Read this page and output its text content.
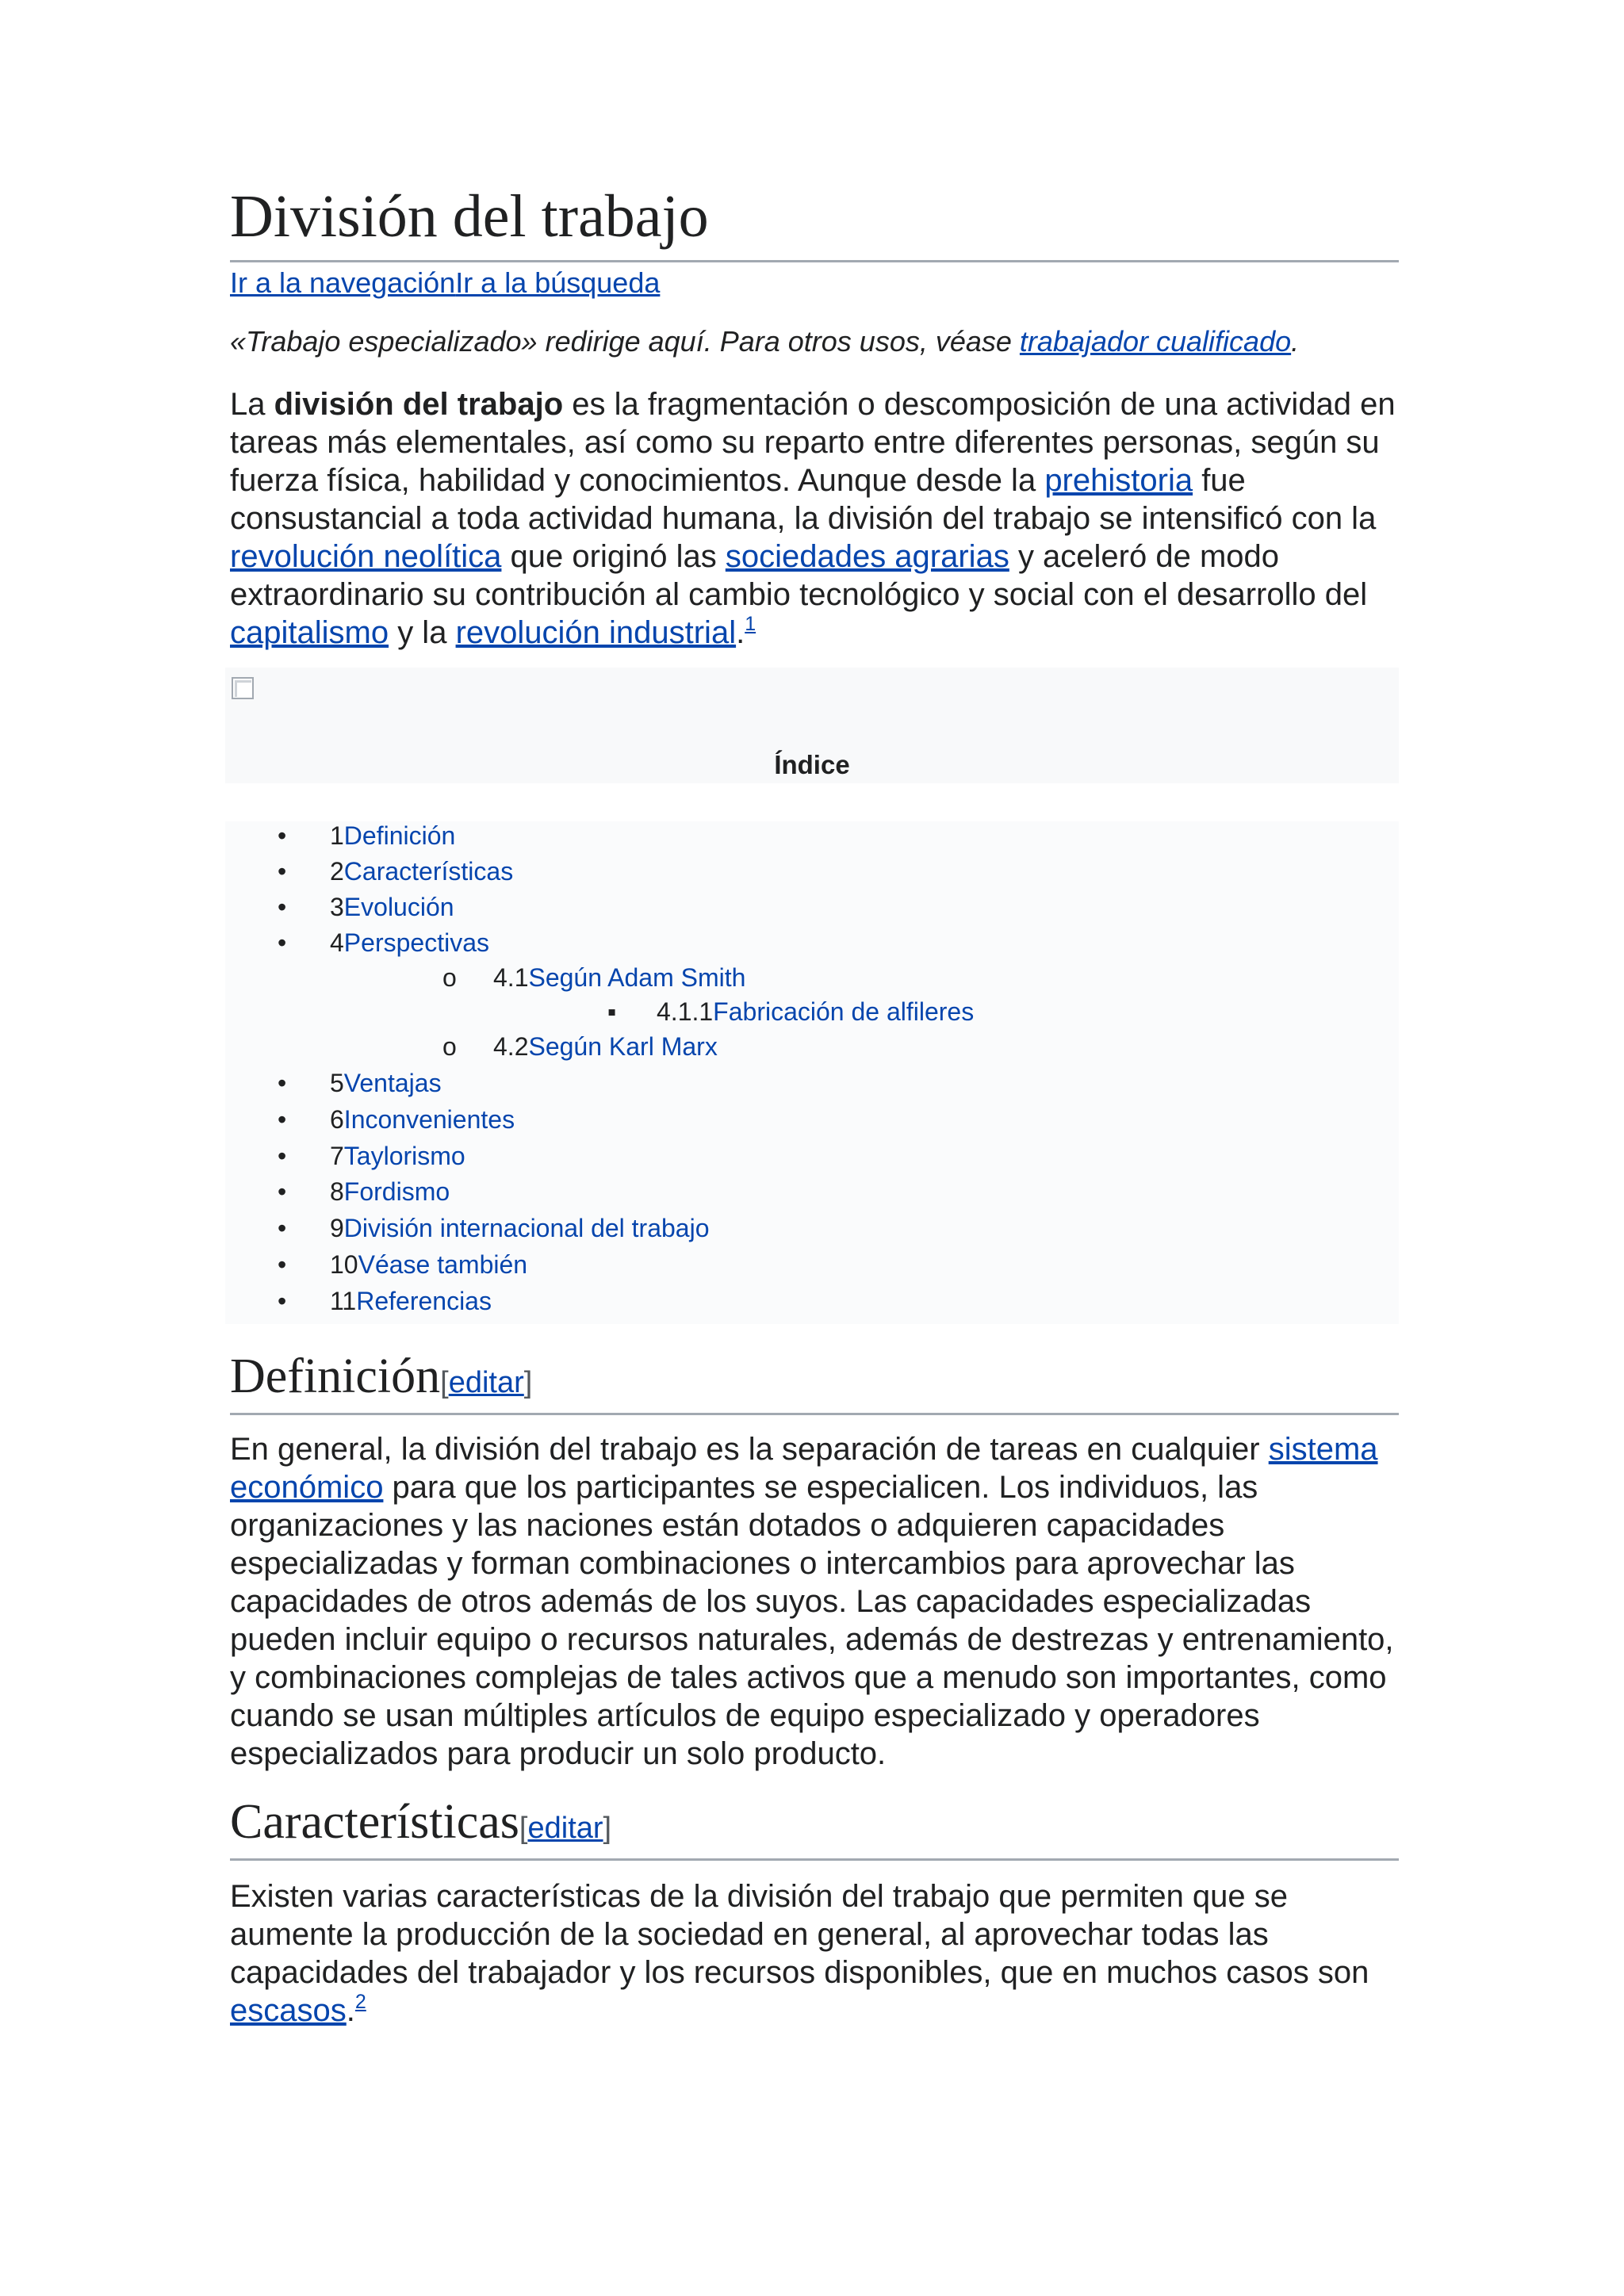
División del trabajo
Ir a la navegaciónIr a la búsqueda
«Trabajo especializado» redirige aquí. Para otros usos, véase trabajador cualificado.

La división del trabajo es la fragmentación o descomposición de una actividad en tareas más elementales, así como su reparto entre diferentes personas, según su fuerza física, habilidad y conocimientos. Aunque desde la prehistoria fue consustancial a toda actividad humana, la división del trabajo se intensificó con la revolución neolítica que originó las sociedades agrarias y aceleró de modo extraordinario su contribución al cambio tecnológico y social con el desarrollo del capitalismo y la revolución industrial.$^1$

Índice
• 1Definición
• 2Características
• 3Evolución
• 4Perspectivas
o 4.1Según Adam Smith
▪ 4.1.1Fabricación de alfileres
o 4.2Según Karl Marx
• 5Ventajas
• 6Inconvenientes
• 7Taylorismo
• 8Fordismo
• 9División internacional del trabajo
• 10Véase también
• 11Referencias
Definición[editar]

En general, la división del trabajo es la separación de tareas en cualquier sistema económico para que los participantes se especialicen. Los individuos, las organizaciones y las naciones están dotados o adquieren capacidades especializadas y forman combinaciones o intercambios para aprovechar las capacidades de otros además de los suyos. Las capacidades especializadas pueden incluir equipo o recursos naturales, además de destrezas y entrenamiento, y combinaciones complejas de tales activos que a menudo son importantes, como cuando se usan múltiples artículos de equipo especializado y operadores especializados para producir un solo producto.

Características[editar]

Existen varias características de la división del trabajo que permiten que se aumente la producción de la sociedad en general, al aprovechar todas las capacidades del trabajador y los recursos disponibles, que en muchos casos son escasos.$^2$
